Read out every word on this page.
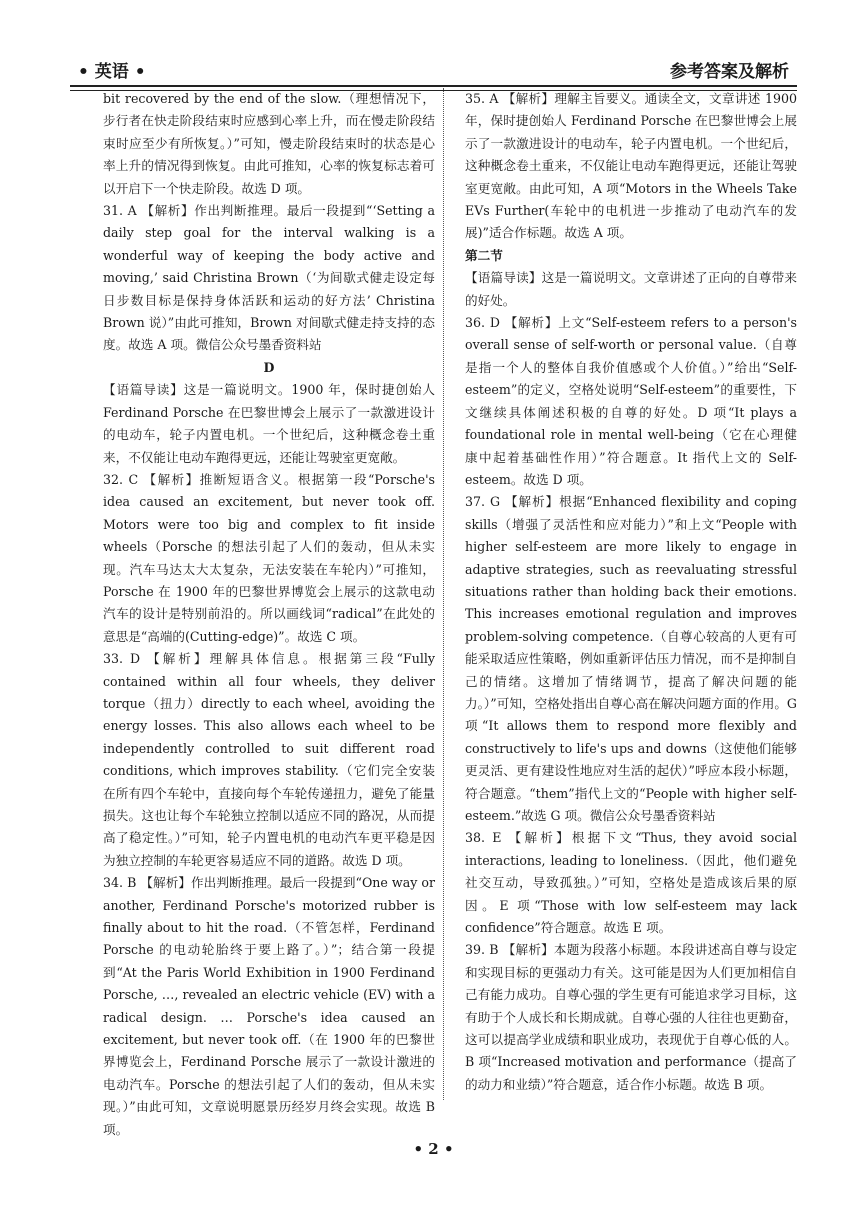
• 英语 •	参考答案及解析

bit recovered by the end of the slow.（理想情况下，步行者在快走阶段结束时应感到心率上升，而在慢走阶段结束时应至少有所恢复。）”可知，慢走阶段结束时的状态是心率上升的情况得到恢复。由此可推知，心率的恢复标志着可以开启下一个快走阶段。故选 D 项。

31. A 【解析】作出判断推理。最后一段提到“‘Setting a daily step goal for the interval walking is a wonderful way of keeping the body active and moving,’ said Christina Brown（‘为间歇式健走设定每日步数目标是保持身体活跃和运动的好方法’ Christina Brown 说）”由此可推知，Brown 对间歇式健走持支持的态度。故选 A 项。微信公众号墨香资料站

D

【语篇导读】这是一篇说明文。1900 年，保时捷创始人 Ferdinand Porsche 在巴黎世博会上展示了一款激进设计的电动车，轮子内置电机。一个世纪后，这种概念卷土重来，不仅能让电动车跑得更远，还能让驾驶室更宽敞。

32. C 【解析】推断短语含义。根据第一段“Porsche's idea caused an excitement, but never took off. Motors were too big and complex to fit inside wheels（Porsche 的想法引起了人们的轰动，但从未实现。汽车马达太大太复杂，无法安装在车轮内）”可推知，Porsche 在 1900 年的巴黎世界博览会上展示的这款电动汽车的设计是特别前沿的。所以画线词“radical”在此处的意思是“高端的(Cutting-edge)”。故选 C 项。

33. D 【解析】理解具体信息。根据第三段“Fully contained within all four wheels, they deliver torque（扭力）directly to each wheel, avoiding the energy losses. This also allows each wheel to be independently controlled to suit different road conditions, which improves stability.（它们完全安装在所有四个车轮中，直接向每个车轮传递扭力，避免了能量损失。这也让每个车轮独立控制以适应不同的路况，从而提高了稳定性。）”可知，轮子内置电机的电动汽车更平稳是因为独立控制的车轮更容易适应不同的道路。故选 D 项。

34. B 【解析】作出判断推理。最后一段提到“One way or another, Ferdinand Porsche's motorized rubber is finally about to hit the road.（不管怎样，Ferdinand Porsche 的电动轮胎终于要上路了。）”；结合第一段提到“At the Paris World Exhibition in 1900 Ferdinand Porsche, …, revealed an electric vehicle (EV) with a radical design. … Porsche's idea caused an excitement, but never took off.（在 1900 年的巴黎世界博览会上，Ferdinand Porsche 展示了一款设计激进的电动汽车。Porsche 的想法引起了人们的轰动，但从未实现。）”由此可知，文章说明愿景历经岁月终会实现。故选 B 项。

35. A 【解析】理解主旨要义。通读全文，文章讲述 1900 年，保时捷创始人 Ferdinand Porsche 在巴黎世博会上展示了一款激进设计的电动车，轮子内置电机。一个世纪后，这种概念卷土重来，不仅能让电动车跑得更远，还能让驾驶室更宽敞。由此可知，A 项“Motors in the Wheels Take EVs Further(车轮中的电机进一步推动了电动汽车的发展)”适合作标题。故选 A 项。

第二节

【语篇导读】这是一篇说明文。文章讲述了正向的自尊带来的好处。

36. D 【解析】上文“Self-esteem refers to a person's overall sense of self-worth or personal value.（自尊是指一个人的整体自我价值感或个人价值。）”给出“Self-esteem”的定义，空格处说明“Self-esteem”的重要性，下文继续具体阐述积极的自尊的好处。D 项“It plays a foundational role in mental well-being（它在心理健康中起着基础性作用）”符合题意。It 指代上文的 Self-esteem。故选 D 项。

37. G 【解析】根据“Enhanced flexibility and coping skills（增强了灵活性和应对能力）”和上文“People with higher self-esteem are more likely to engage in adaptive strategies, such as reevaluating stressful situations rather than holding back their emotions. This increases emotional regulation and improves problem-solving competence.（自尊心较高的人更有可能采取适应性策略，例如重新评估压力情况，而不是抑制自己的情绪。这增加了情绪调节，提高了解决问题的能力。）”可知，空格处指出自尊心高在解决问题方面的作用。G 项“It allows them to respond more flexibly and constructively to life's ups and downs（这使他们能够更灵活、更有建设性地应对生活的起伏）”呼应本段小标题，符合题意。“them”指代上文的“People with higher self-esteem.”故选 G 项。微信公众号墨香资料站

38. E 【解析】根据下文“Thus, they avoid social interactions, leading to loneliness.（因此，他们避免社交互动，导致孤独。）”可知，空格处是造成该后果的原因。E 项“Those with low self-esteem may lack confidence”符合题意。故选 E 项。

39. B 【解析】本题为段落小标题。本段讲述高自尊与设定和实现目标的更强动力有关。这可能是因为人们更加相信自己有能力成功。自尊心强的学生更有可能追求学习目标，这有助于个人成长和长期成就。自尊心强的人往往也更勤奋，这可以提高学业成绩和职业成功，表现优于自尊心低的人。B 项“Increased motivation and performance（提高了的动力和业绩）”符合题意，适合作小标题。故选 B 项。

• 2 •
